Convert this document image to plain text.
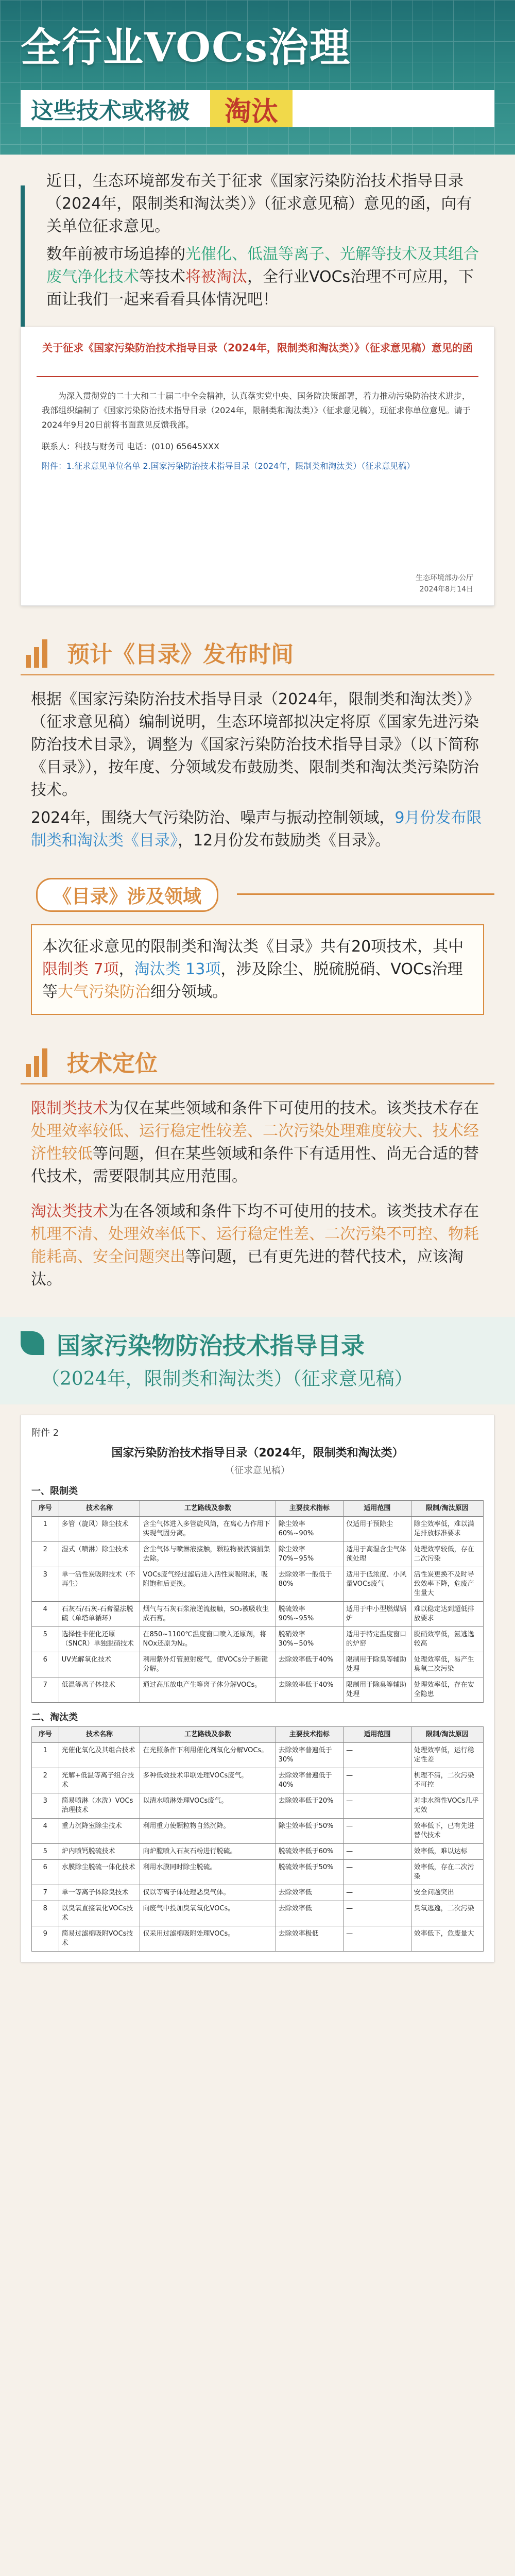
全行业VOCs治理
这些技术或将被	淘汰

近日，生态环境部发布关于征求《国家污染防治技术指导目录（2024年，限制类和淘汰类）》（征求意见稿）意见的函，向有关单位征求意见。

数年前被市场追捧的光催化、低温等离子、光解等技术及其组合废气净化技术等技术将被淘汰，全行业VOCs治理不可应用，下面让我们一起来看看具体情况吧！

关于征求《国家污染防治技术指导目录（2024年，限制类和淘汰类）》（征求意见稿）意见的函

为深入贯彻党的二十大和二十届二中全会精神，认真落实党中央、国务院决策部署，着力推动污染防治技术进步，我部组织编制了《国家污染防治技术指导目录（2024年，限制类和淘汰类）》（征求意见稿），现征求你单位意见。请于2024年9月20日前将书面意见反馈我部。

联系人：科技与财务司 电话：(010) 65645XXX

附件：1.征求意见单位名单 2.国家污染防治技术指导目录（2024年，限制类和淘汰类）（征求意见稿）

生态环境部办公厅
2024年8月14日
预计《目录》发布时间

根据《国家污染防治技术指导目录（2024年，限制类和淘汰类）》（征求意见稿）编制说明，生态环境部拟决定将原《国家先进污染防治技术目录》，调整为《国家污染防治技术指导目录》（以下简称《目录》），按年度、分领域发布鼓励类、限制类和淘汰类污染防治技术。

2024年，围绕大气污染防治、噪声与振动控制领域，9月份发布限制类和淘汰类《目录》，12月份发布鼓励类《目录》。

《目录》涉及领域

本次征求意见的限制类和淘汰类《目录》共有20项技术，其中限制类 7项，淘汰类 13项，涉及除尘、脱硫脱硝、VOCs治理等大气污染防治细分领域。

技术定位

限制类技术为仅在某些领域和条件下可使用的技术。该类技术存在处理效率较低、运行稳定性较差、二次污染处理难度较大、技术经济性较低等问题，但在某些领域和条件下有适用性、尚无合适的替代技术，需要限制其应用范围。

淘汰类技术为在各领域和条件下均不可使用的技术。该类技术存在机理不清、处理效率低下、运行稳定性差、二次污染不可控、物耗能耗高、安全问题突出等问题，已有更先进的替代技术，应该淘汰。

国家污染物防治技术指导目录
（2024年，限制类和淘汰类）（征求意见稿）
附件 2
国家污染防治技术指导目录（2024年，限制类和淘汰类）
（征求意见稿）
一、限制类
序号	技术名称	工艺路线及参数	主要技术指标	适用范围	限制/淘汰原因
1	多管（旋风）除尘技术	含尘气体进入多管旋风筒，在离心力作用下实现气固分离。	除尘效率60%~90%	仅适用于预除尘	除尘效率低，难以满足排放标准要求
2	湿式（喷淋）除尘技术	含尘气体与喷淋液接触，颗粒物被液滴捕集去除。	除尘效率70%~95%	适用于高湿含尘气体预处理	处理效率较低，存在二次污染
3	单一活性炭吸附技术（不再生）	VOCs废气经过滤后进入活性炭吸附床，吸附饱和后更换。	去除效率一般低于80%	适用于低浓度、小风量VOCs废气	活性炭更换不及时导致效率下降，危废产生量大
4	石灰石/石灰-石膏湿法脱硫（单塔单循环）	烟气与石灰石浆液逆流接触，SO₂被吸收生成石膏。	脱硫效率90%~95%	适用于中小型燃煤锅炉	难以稳定达到超低排放要求
5	选择性非催化还原（SNCR）单独脱硝技术	在850~1100℃温度窗口喷入还原剂，将NOx还原为N₂。	脱硝效率30%~50%	适用于特定温度窗口的炉窑	脱硝效率低，氨逃逸较高
6	UV光解氧化技术	利用紫外灯管照射废气，使VOCs分子断键分解。	去除效率低于40%	限制用于除臭等辅助处理	处理效率低，易产生臭氧二次污染
7	低温等离子体技术	通过高压放电产生等离子体分解VOCs。	去除效率低于40%	限制用于除臭等辅助处理	处理效率低，存在安全隐患
二、淘汰类
序号	技术名称	工艺路线及参数	主要技术指标	适用范围	限制/淘汰原因
1	光催化氧化及其组合技术	在光照条件下利用催化剂氧化分解VOCs。	去除效率普遍低于30%	—	处理效率低，运行稳定性差
2	光解+低温等离子组合技术	多种低效技术串联处理VOCs废气。	去除效率普遍低于40%	—	机理不清，二次污染不可控
3	简易喷淋（水洗）VOCs治理技术	以清水喷淋处理VOCs废气。	去除效率低于20%	—	对非水溶性VOCs几乎无效
4	重力沉降室除尘技术	利用重力使颗粒物自然沉降。	除尘效率低于50%	—	效率低下，已有先进替代技术
5	炉内喷钙脱硫技术	向炉膛喷入石灰石粉进行脱硫。	脱硫效率低于60%	—	效率低，难以达标
6	水膜除尘脱硫一体化技术	利用水膜同时除尘脱硫。	脱硫效率低于50%	—	效率低，存在二次污染
7	单一等离子体除臭技术	仅以等离子体处理恶臭气体。	去除效率低	—	安全问题突出
8	以臭氧直接氧化VOCs技术	向废气中投加臭氧氧化VOCs。	去除效率低	—	臭氧逃逸，二次污染
9	简易过滤棉吸附VOCs技术	仅采用过滤棉吸附处理VOCs。	去除效率极低	—	效率低下，危废量大
